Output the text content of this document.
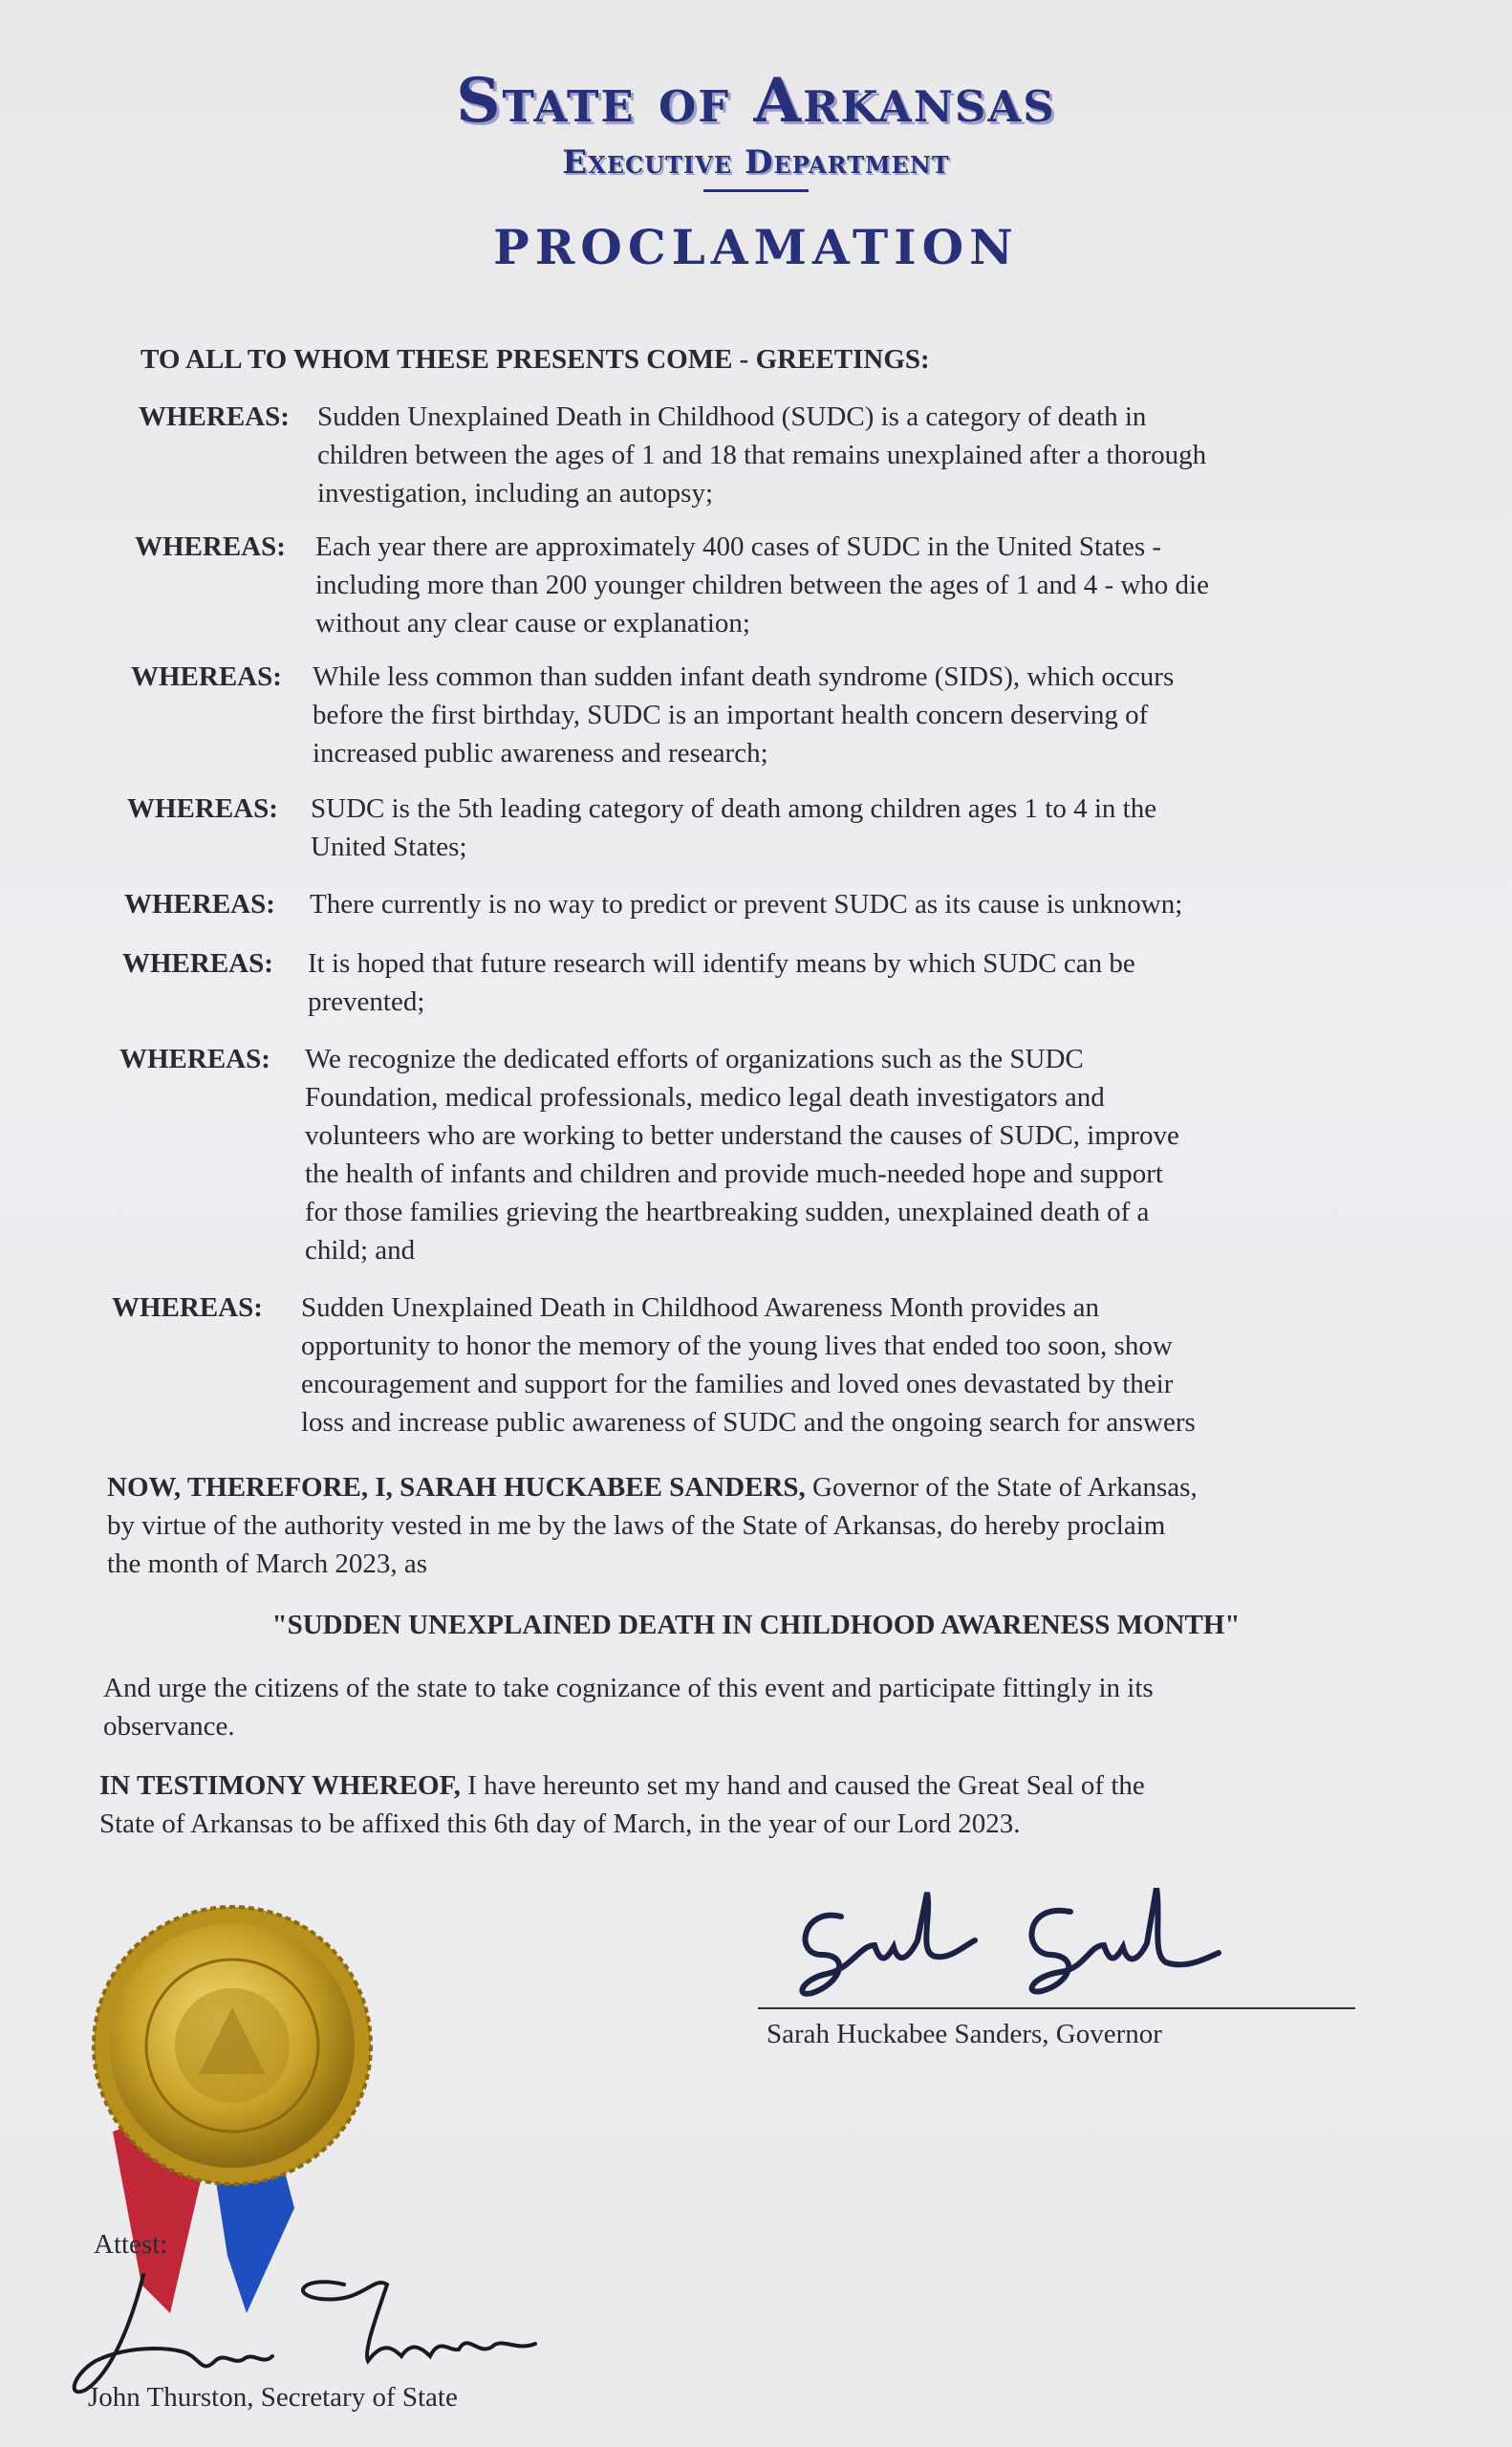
State of Arkansas
Executive Department
PROCLAMATION
TO ALL TO WHOM THESE PRESENTS COME - GREETINGS:
WHEREAS: Sudden Unexplained Death in Childhood (SUDC) is a category of death in
children between the ages of 1 and 18 that remains unexplained after a thorough
investigation, including an autopsy;
WHEREAS: Each year there are approximately 400 cases of SUDC in the United States -
including more than 200 younger children between the ages of 1 and 4 - who die
without any clear cause or explanation;
WHEREAS: While less common than sudden infant death syndrome (SIDS), which occurs
before the first birthday, SUDC is an important health concern deserving of
increased public awareness and research;
WHEREAS: SUDC is the 5th leading category of death among children ages 1 to 4 in the
United States;
WHEREAS: There currently is no way to predict or prevent SUDC as its cause is unknown;
WHEREAS: It is hoped that future research will identify means by which SUDC can be
prevented;
WHEREAS: We recognize the dedicated efforts of organizations such as the SUDC
Foundation, medical professionals, medico legal death investigators and
volunteers who are working to better understand the causes of SUDC, improve
the health of infants and children and provide much-needed hope and support
for those families grieving the heartbreaking sudden, unexplained death of a
child; and
WHEREAS: Sudden Unexplained Death in Childhood Awareness Month provides an
opportunity to honor the memory of the young lives that ended too soon, show
encouragement and support for the families and loved ones devastated by their
loss and increase public awareness of SUDC and the ongoing search for answers
NOW, THEREFORE, I, SARAH HUCKABEE SANDERS, Governor of the State of Arkansas,
by virtue of the authority vested in me by the laws of the State of Arkansas, do hereby proclaim
the month of March 2023, as
"SUDDEN UNEXPLAINED DEATH IN CHILDHOOD AWARENESS MONTH"
And urge the citizens of the state to take cognizance of this event and participate fittingly in its
observance.
IN TESTIMONY WHEREOF, I have hereunto set my hand and caused the Great Seal of the
State of Arkansas to be affixed this 6th day of March, in the year of our Lord 2023.
Sarah Huckabee Sanders, Governor
Attest:
John Thurston, Secretary of State
